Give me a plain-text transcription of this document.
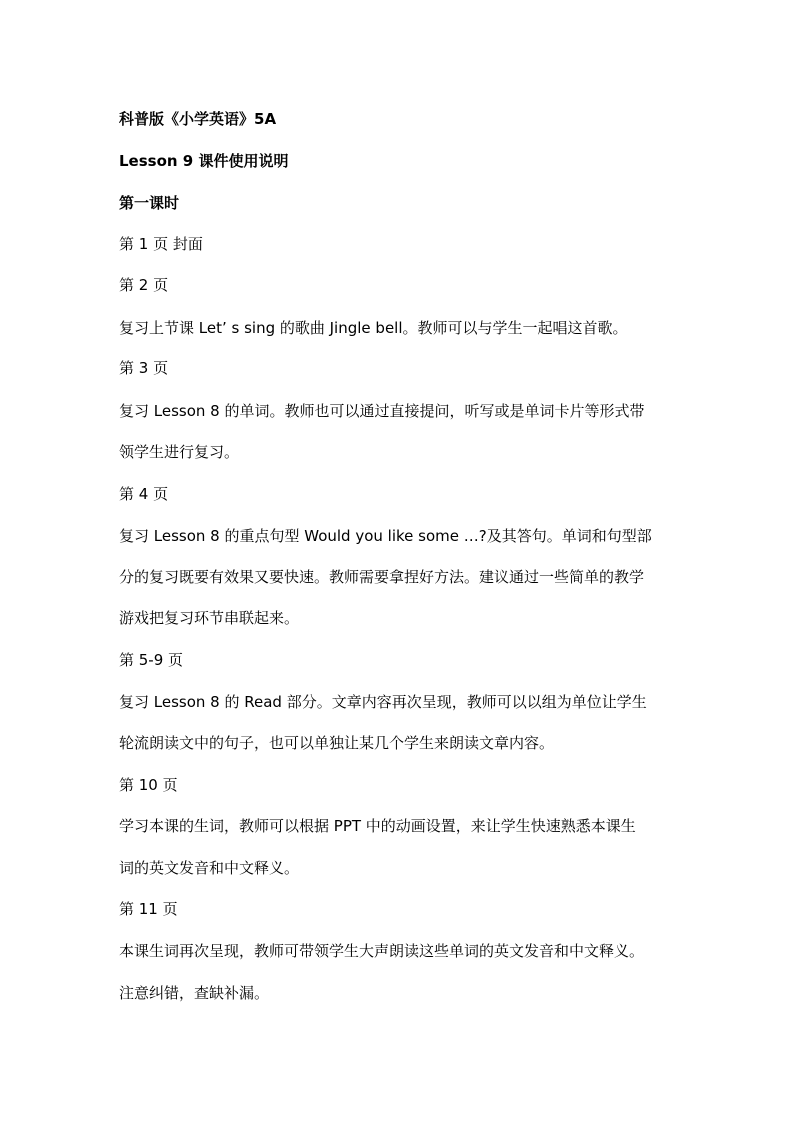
科普版《小学英语》5A
Lesson 9 课件使用说明
第一课时
第 1 页 封面
第 2 页
复习上节课 Let’ s sing 的歌曲 Jingle bell。教师可以与学生一起唱这首歌。
第 3 页
复习 Lesson 8 的单词。教师也可以通过直接提问，听写或是单词卡片等形式带
领学生进行复习。
第 4 页
复习 Lesson 8 的重点句型 Would you like some …?及其答句。单词和句型部
分的复习既要有效果又要快速。教师需要拿捏好方法。建议通过一些简单的教学
游戏把复习环节串联起来。
第 5-9 页
复习 Lesson 8 的 Read 部分。文章内容再次呈现，教师可以以组为单位让学生
轮流朗读文中的句子，也可以单独让某几个学生来朗读文章内容。
第 10 页
学习本课的生词，教师可以根据 PPT 中的动画设置，来让学生快速熟悉本课生
词的英文发音和中文释义。
第 11 页
本课生词再次呈现，教师可带领学生大声朗读这些单词的英文发音和中文释义。
注意纠错，查缺补漏。
